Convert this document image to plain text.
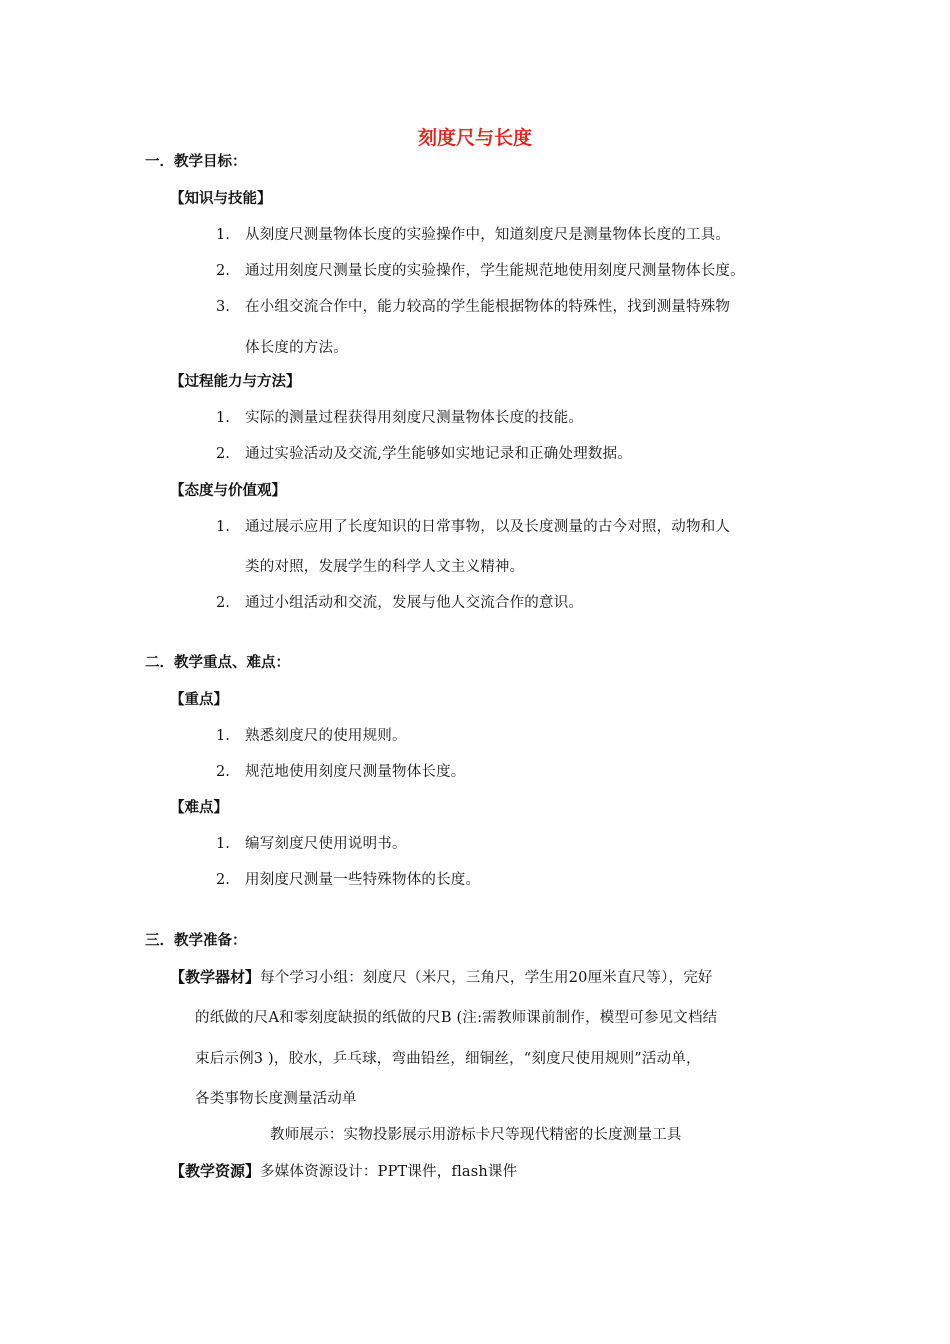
刻度尺与长度
一．教学目标：
【知识与技能】
1. 从刻度尺测量物体长度的实验操作中，知道刻度尺是测量物体长度的工具。
2. 通过用刻度尺测量长度的实验操作，学生能规范地使用刻度尺测量物体长度。
3. 在小组交流合作中，能力较高的学生能根据物体的特殊性，找到测量特殊物
体长度的方法。
【过程能力与方法】
1. 实际的测量过程获得用刻度尺测量物体长度的技能。
2. 通过实验活动及交流,学生能够如实地记录和正确处理数据。
【态度与价值观】
1. 通过展示应用了长度知识的日常事物，以及长度测量的古今对照，动物和人
类的对照，发展学生的科学人文主义精神。
2. 通过小组活动和交流，发展与他人交流合作的意识。
二．教学重点、难点：
【重点】
1. 熟悉刻度尺的使用规则。
2. 规范地使用刻度尺测量物体长度。
【难点】
1. 编写刻度尺使用说明书。
2. 用刻度尺测量一些特殊物体的长度。
三．教学准备：
【教学器材】每个学习小组：刻度尺（米尺，三角尺，学生用20厘米直尺等），完好
的纸做的尺A和零刻度缺损的纸做的尺B (注:需教师课前制作，模型可参见文档结
束后示例3 )，胶水，乒乓球，弯曲铅丝，细铜丝，“刻度尺使用规则”活动单，
各类事物长度测量活动单
教师展示：实物投影展示用游标卡尺等现代精密的长度测量工具
【教学资源】多媒体资源设计：PPT课件，flash课件
